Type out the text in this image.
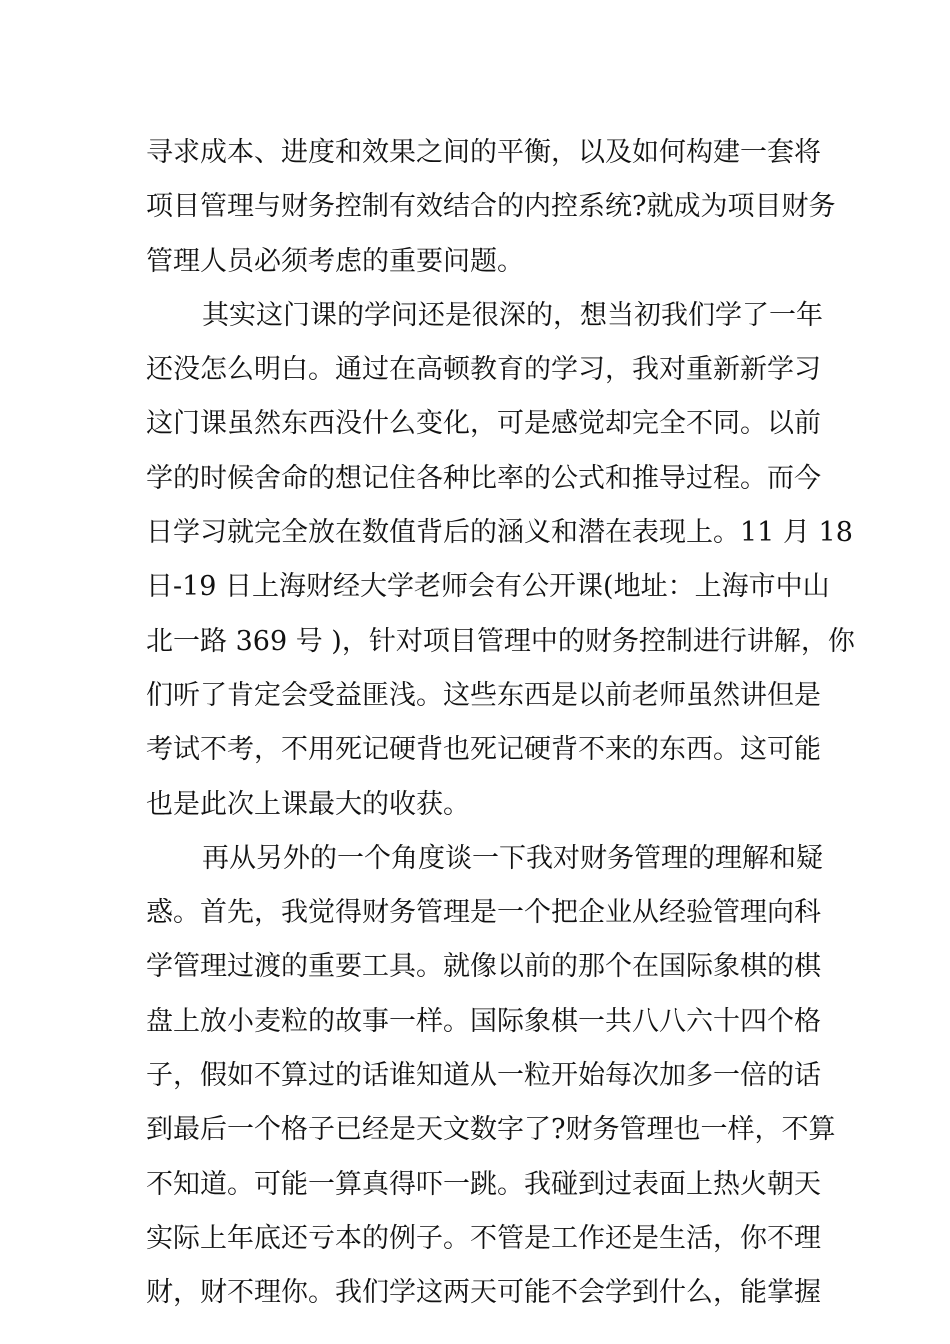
寻求成本、进度和效果之间的平衡，以及如何构建一套将
项目管理与财务控制有效结合的内控系统?就成为项目财务
管理人员必须考虑的重要问题。
其实这门课的学问还是很深的，想当初我们学了一年
还没怎么明白。通过在高顿教育的学习，我对重新新学习
这门课虽然东西没什么变化，可是感觉却完全不同。以前
学的时候舍命的想记住各种比率的公式和推导过程。而今
日学习就完全放在数值背后的涵义和潜在表现上。11 月 18
日-19 日上海财经大学老师会有公开课(地址：上海市中山
北一路 369 号 )，针对项目管理中的财务控制进行讲解，你
们听了肯定会受益匪浅。这些东西是以前老师虽然讲但是
考试不考，不用死记硬背也死记硬背不来的东西。这可能
也是此次上课最大的收获。
再从另外的一个角度谈一下我对财务管理的理解和疑
惑。首先，我觉得财务管理是一个把企业从经验管理向科
学管理过渡的重要工具。就像以前的那个在国际象棋的棋
盘上放小麦粒的故事一样。国际象棋一共八八六十四个格
子，假如不算过的话谁知道从一粒开始每次加多一倍的话
到最后一个格子已经是天文数字了?财务管理也一样，不算
不知道。可能一算真得吓一跳。我碰到过表面上热火朝天
实际上年底还亏本的例子。不管是工作还是生活，你不理
财，财不理你。我们学这两天可能不会学到什么，能掌握
